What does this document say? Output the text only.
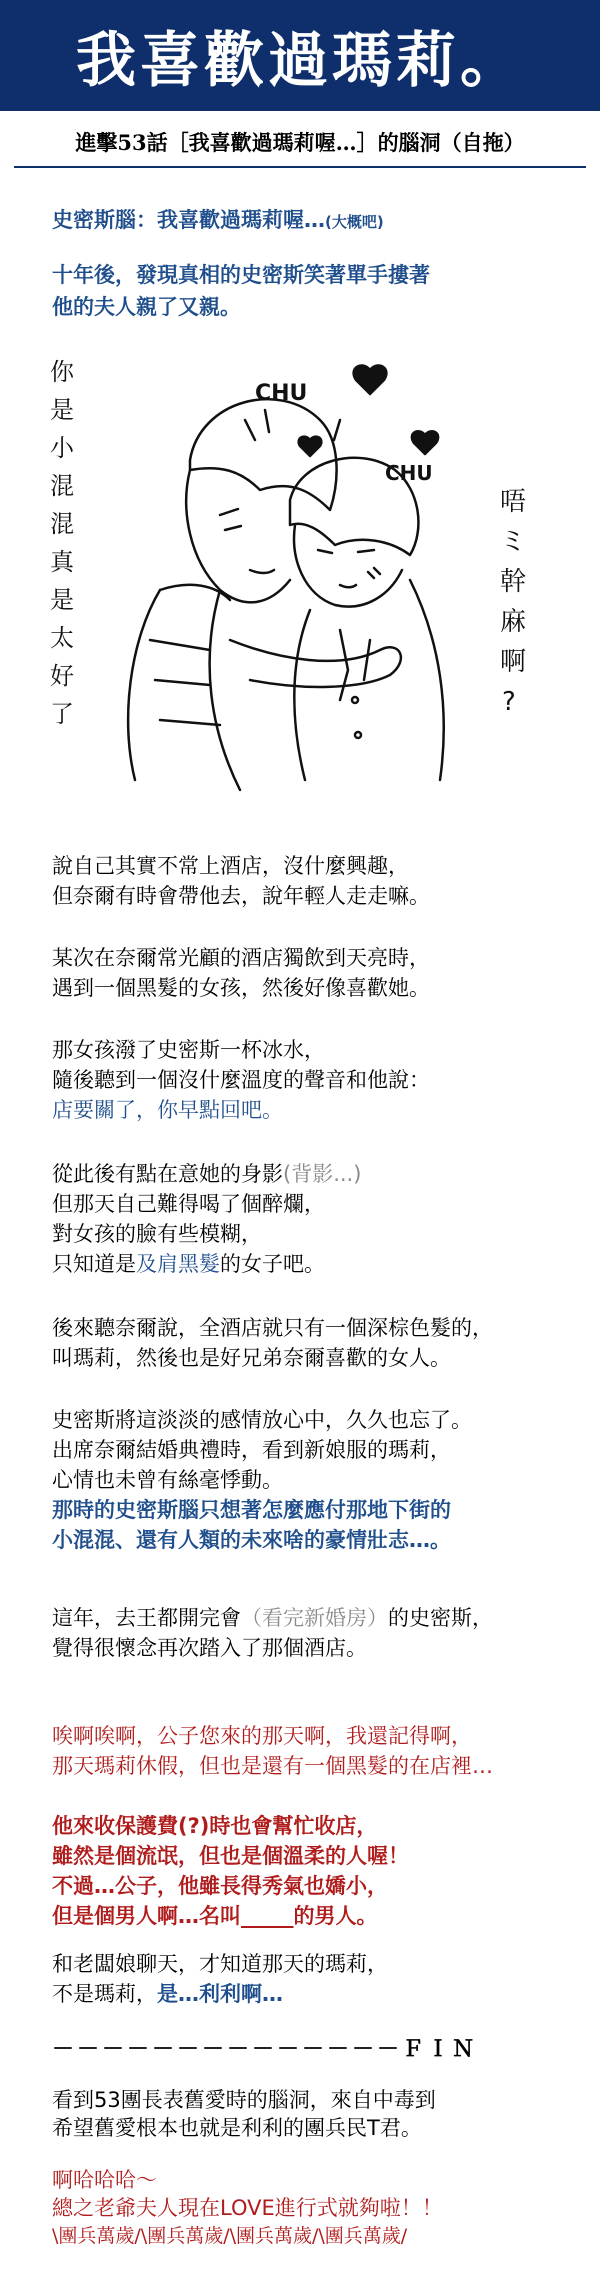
我喜歡過瑪莉。
進擊53話［我喜歡過瑪莉喔…］的腦洞（自拖）
史密斯腦：我喜歡過瑪莉喔…(大概吧)
十年後，發現真相的史密斯笑著單手摟著
他的夫人親了又親。
CHU
CHU
你
是
小
混
混
真
是
太
好
了
唔
ミ
幹
麻
啊
?
說自己其實不常上酒店，沒什麼興趣，
但奈爾有時會帶他去，說年輕人走走嘛。
某次在奈爾常光顧的酒店獨飲到天亮時，
遇到一個黑髮的女孩，然後好像喜歡她。
那女孩潑了史密斯一杯冰水，
隨後聽到一個沒什麼溫度的聲音和他說：
店要關了，你早點回吧。
從此後有點在意她的身影(背影...)
但那天自己難得喝了個醉爛，
對女孩的臉有些模糊，
只知道是及肩黑髮的女子吧。
後來聽奈爾說，全酒店就只有一個深棕色髮的，
叫瑪莉，然後也是好兄弟奈爾喜歡的女人。
史密斯將這淡淡的感情放心中，久久也忘了。
出席奈爾結婚典禮時，看到新娘服的瑪莉，
心情也未曾有絲毫悸動。
那時的史密斯腦只想著怎麼應付那地下街的
小混混、還有人類的未來啥的豪情壯志…。
這年，去王都開完會（看完新婚房）的史密斯，
覺得很懷念再次踏入了那個酒店。
唉啊唉啊，公子您來的那天啊，我還記得啊，
那天瑪莉休假，但也是還有一個黑髮的在店裡…
他來收保護費(?)時也會幫忙收店，
雖然是個流氓，但也是個溫柔的人喔！
不過…公子，他雖長得秀氣也嬌小，
但是個男人啊…名叫_____的男人。
和老闆娘聊天，才知道那天的瑪莉，
不是瑪莉，是…利利啊…
－－－－－－－－－－－－－－ＦＩＮ
看到53團長表舊愛時的腦洞，來自中毒到
希望舊愛根本也就是利利的團兵民T君。
啊哈哈哈～
總之老爺夫人現在LOVE進行式就夠啦！！
\團兵萬歲/\團兵萬歲/\團兵萬歲/\團兵萬歲/
